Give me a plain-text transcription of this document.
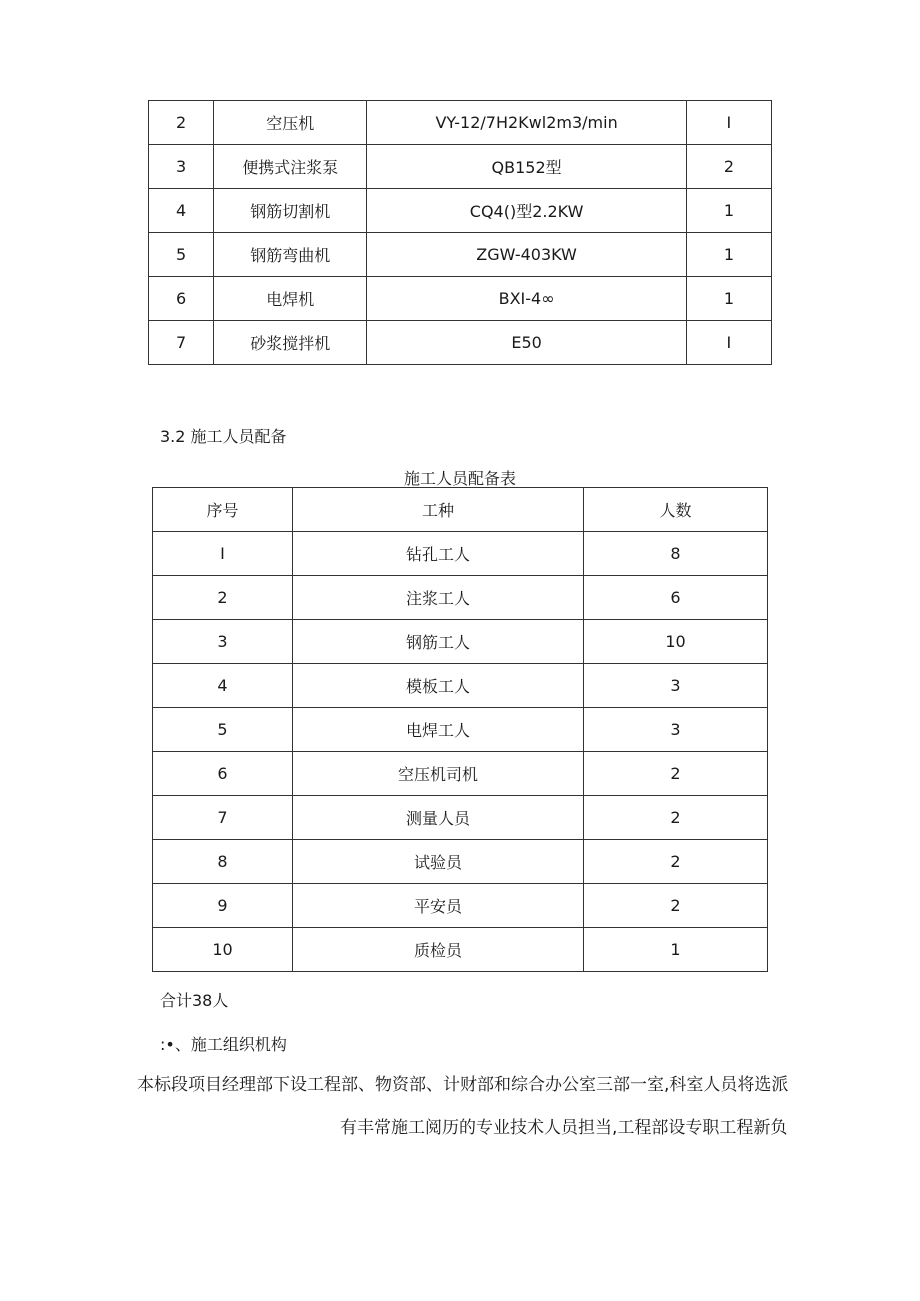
2	空压机	VY-12/7H2Kwl2m3∕min	I
3	便携式注浆泵	QB152型	2
4	钢筋切割机	CQ4()型2.2KW	1
5	钢筋弯曲机	ZGW-403KW	1
6	电焊机	BXI-4∞	1
7	砂浆搅拌机	E50	I
3.2 施工人员配备
施工人员配备表
序号	工种	人数
I	钻孔工人	8
2	注浆工人	6
3	钢筋工人	10
4	模板工人	3
5	电焊工人	3
6	空压机司机	2
7	测量人员	2
8	试验员	2
9	平安员	2
10	质检员	1
合计38人
:•、施工组织机构
本标段项目经理部下设工程部、物资部、计财部和综合办公室三部一室,科室人员将选派
有丰常施工阅历的专业技术人员担当,工程部设专职工程新负
